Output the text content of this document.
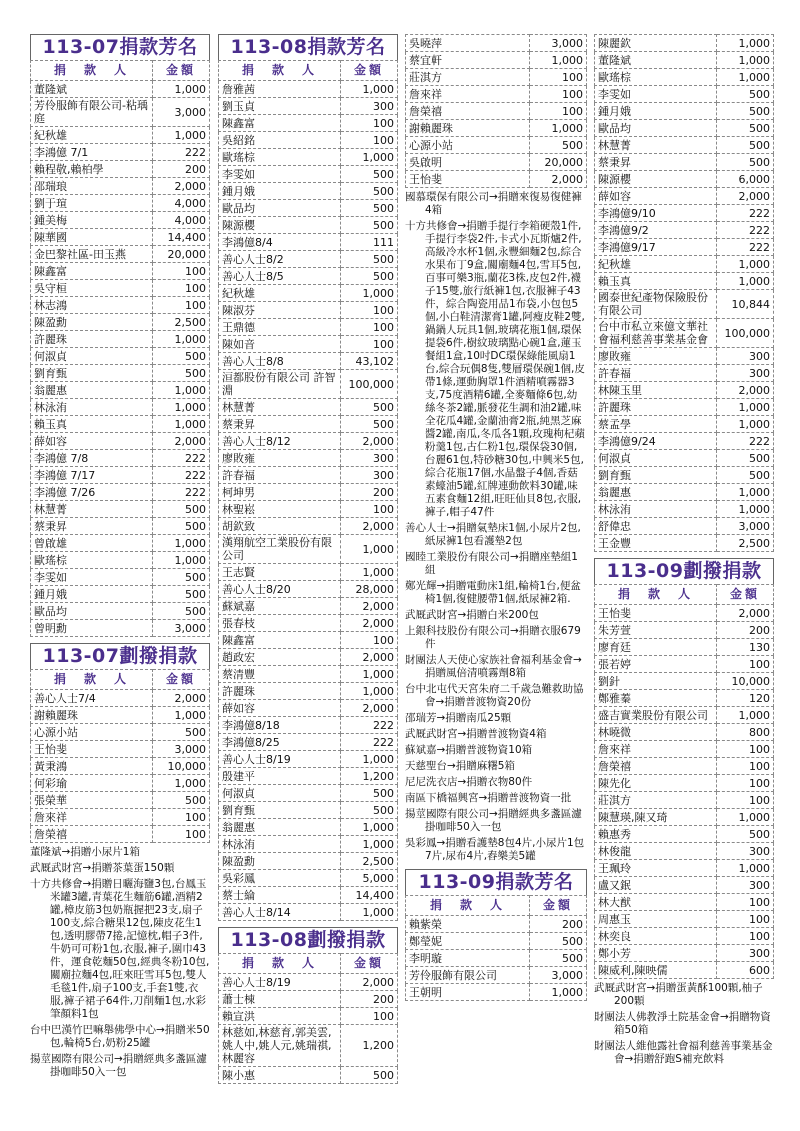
113-07捐款芳名
捐　款　人	金額
董隆斌	1,000
芳伶服飾有限公司-粘瑀庭	3,000
紀秋雄	1,000
李鴻億 7/1	222
賴程敬,賴柏學	200
邵瑞琅	2,000
劉于瑄	4,000
鍾美梅	4,000
陳華國	14,400
金巴黎社區-田玉燕	20,000
陳鑫富	100
吳守桓	100
林志鴻	100
陳盈勳	2,500
許麗珠	1,000
何淑貞	500
劉育甄	500
翁麗惠	1,000
林泳洧	1,000
賴玉真	1,000
薛如容	2,000
李鴻億 7/8	222
李鴻億 7/17	222
李鴻億 7/26	222
林慧菁	500
蔡秉昇	500
曾啟雄	1,000
歐瑤棕	1,000
李雯如	500
鍾月娥	500
歐品均	500
曾明勳	3,000
113-07劃撥捐款
捐　款　人	金額
善心人士7/4	2,000
謝賴麗珠	1,000
心源小站	500
王怡斐	3,000
黃秉鴻	10,000
何彩瑜	1,000
張榮華	500
詹來祥	100
詹榮禧	100

董隆斌→捐贈小尿片1箱

武厩武財宮→捐贈茶葉蛋150顆

十方共修會→捐贈日曬海鹽3包,台鳳玉米罐3罐,青葉花生麵筋6罐,酒精2罐,樟皮筋3包奶瓶握把23支,扇子100支,綜合糖果12包,陳皮花生1包,透明膠帶7捲,記憶枕,帽子3件,牛奶可可粉1包,衣服,褲子,圍巾43件，運食乾麵50包,經典冬粉10包,關廟拉麵4包,旺來旺雪耳5包,雙人毛毯1件,扇子100支,手套1雙,衣服,褲子裙子64件,刀削麵1包,水彩筆顏料1包

台中巴漢竹巴嘛舉佛學中心→捐贈米50包,輪椅5台,奶粉25罐

揚莖國際有限公司→捐贈經典多盞區濾掛咖啡50入一包

113-08捐款芳名
捐　款　人	金額
詹雅茜	1,000
劉玉貞	300
陳鑫富	100
吳紹銘	100
歐瑤棕	1,000
李雯如	500
鍾月娥	500
歐品均	500
陳源櫻	500
李鴻億8/4	111
善心人士8/2	500
善心人士8/5	500
紀秋雄	1,000
陳淑芬	100
王鼎德	100
陳如音	100
善心人士8/8	43,102
洹都股份有限公司 許智淵	100,000
林慧菁	500
蔡秉昇	500
善心人士8/12	2,000
廖敗雍	300
許春福	300
柯坤男	200
林聖崧	100
胡欽致	2,000
漢翔航空工業股份有限公司	1,000
王志賢	1,000
善心人士8/20	28,000
蘇斌嘉	2,000
張春枝	2,000
陳鑫富	100
趙政宏	2,000
蔡清豐	1,000
許麗珠	1,000
薛如容	2,000
李鴻億8/18	222
李鴻億8/25	222
善心人士8/19	1,000
殷建平	1,200
何淑貞	500
劉育甄	500
翁麗惠	1,000
林泳洧	1,000
陳盈勳	2,500
吳彩鳳	5,000
蔡士綸	14,400
善心人士8/14	1,000
113-08劃撥捐款
捐　款　人	金額
善心人士8/19	2,000
蕭士棟	200
賴宣洪	100
林慈如,林慈育,郭美雲,姚人中,姚人元,姚瑞祺,林麗容	1,200
陳小惠	500
吳曉萍	3,000
蔡宜軒	1,000
莊淇方	100
詹來祥	100
詹榮禧	100
謝賴麗珠	1,000
心源小站	500
吳啟明	20,000
王怡斐	2,000

國慕環保有限公司→捐贈來復易復健褲4箱

十方共修會→捐贈手提行李箱硬殼1件,手提行李袋2件,卡式小瓦斯爐2件,高級冷水杯1個,永豐細麵2包,綜合水果布丁9盒,關廟麵4包,雪耳5包,百事可樂3瓶,蘭花3株,皮包2件,襪子15雙,旅行紙褲1包,衣服褲子43件，綜合陶瓷用品1布袋,小包包5個,小白鞋清潔膏1罐,阿瘦皮鞋2雙,鍋鍋人玩具1個,玻璃花瓶1個,環保提袋6件,樹紋玻璃點心碗1盒,蓮玉餐組1盒,10吋DC環保綠能風扇1台,綜合玩偶8隻,雙層環保碗1個,皮帶1條,運動胸罩1件酒精噴霧器3支,75度酒精6罐,全麥麵條6包,幼絲冬茶2罐,脈發花生調和油2罐,味全花瓜4罐,金蘭油膏2瓶,純黑芝麻醬2罐,南瓜,冬瓜各1顆,玫瑰枸杞蘋粉羹1包,古仁粉1包,環保袋30個,台麗61包,特砂糖30包,中興米5包,綜合花瓶17個,水晶盤子4個,香菇素蠔油5罐,紅牌連動飲料30罐,味五素食麵12組,旺旺仙貝8包,衣服,褲子,帽子47件

善心人士→捐贈氣墊床1個,小尿片2包,紙尿褲1包看護墊2包

國睦工業股份有限公司→捐贈座墊組1組

鄭光輝→捐贈電動床1組,輪椅1台,便盆椅1個,復健腰帶1個,紙尿褲2箱.

武厩武財宮→捐贈白米200包

上銀科技股份有限公司→捐贈衣服679件

財團法人天使心家族社會福利基金會→捐贈風倍清噴霧劑8箱

台中北屯代天宮朱府二千歲急難救助協會→捐贈普渡物資20份

邵瑞芳→捐贈南瓜25顆

武厩武財宮→捐贈普渡物資4箱

蘇斌嘉→捐贈普渡物資10箱

天慈聖台→捐贈麻糬5箱

尼尼洗衣店→捐贈衣物80件

南區下橋福興宮→捐贈普渡物資一批

揚莖國際有限公司→捐贈經典多盞區濾掛咖啡50入一包

吳彩鳳→捐贈看護墊8包4片,小尿片1包7片,尿布4片,舂樂美5罐

113-09捐款芳名
捐　款　人	金額
賴紫榮	200
鄭瑩妮	500
李明璇	500
芳伶服飾有限公司	3,000
王朝明	1,000
陳麗欽	1,000
董隆斌	1,000
歐瑤棕	1,000
李雯如	500
鍾月娥	500
歐品均	500
林慧菁	500
蔡秉昇	500
陳源櫻	6,000
薛如容	2,000
李鴻億9/10	222
李鴻億9/2	222
李鴻億9/17	222
紀秋雄	1,000
賴玉真	1,000
國泰世紀產物保險股份有限公司	10,844
台中市私立來億文華社會福利慈善事業基金會	100,000
廖敗雍	300
許春福	300
林陳玉里	2,000
許麗珠	1,000
蔡孟學	1,000
李鴻億9/24	222
何淑貞	500
劉育甄	500
翁麗惠	1,000
林泳洧	1,000
舒偉忠	3,000
王金豐	2,500
113-09劃撥捐款
捐　款　人	金額
王怡斐	2,000
朱芳萱	200
廖育廷	130
張若婷	100
劉針	10,000
鄭雅蓁	120
盛吉實業股份有限公司	1,000
林曉微	800
詹來祥	100
詹榮禧	100
陳先化	100
莊淇方	100
陳慧瑛,陳又琦	1,000
賴惠秀	500
林俊龍	300
王珮玲	1,000
盧又鈱	300
林大猷	100
周惠玉	100
林奕良	100
鄭小芳	300
陳威利,陳映儒	600

武厩武財宮→捐贈蛋黃酥100顆,柚子200顆

財團法人佛教淨土院基金會→捐贈物資箱50箱

財團法人維他露社會福利慈善事業基金會→捐贈舒跑S補充飲料
